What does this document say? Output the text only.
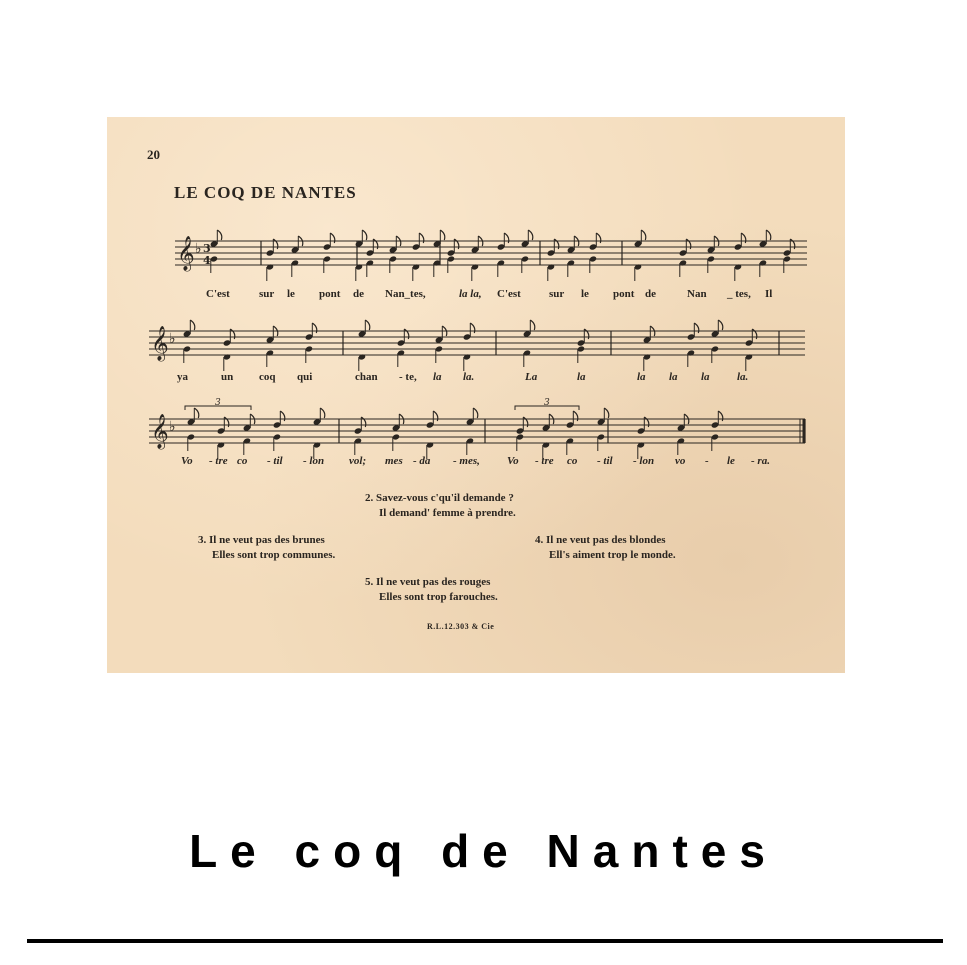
20
LE COQ DE NANTES
𝄞 ♭ 3
4
C'est	sur le pont de Nan_tes,	la la, C'est	sur le pont de	Nan _ tes, Il
𝄞 ♭
ya	un coq qui	chan - te, la la.	La	la	la la la la.
𝄞 ♭
3	3
Vo - tre co - til - lon vol; mes - da - mes, Vo - tre co - til - lon vo - le - ra.
2. Savez-vous c'qu'il demande ?
Il demand' femme à prendre.
3. Il ne veut pas des brunes
Elles sont trop communes.
4. Il ne veut pas des blondes
Ell's aiment trop le monde.
5. Il ne veut pas des rouges
Elles sont trop farouches.
R.L.12.303 & Cie
Le coq de Nantes
